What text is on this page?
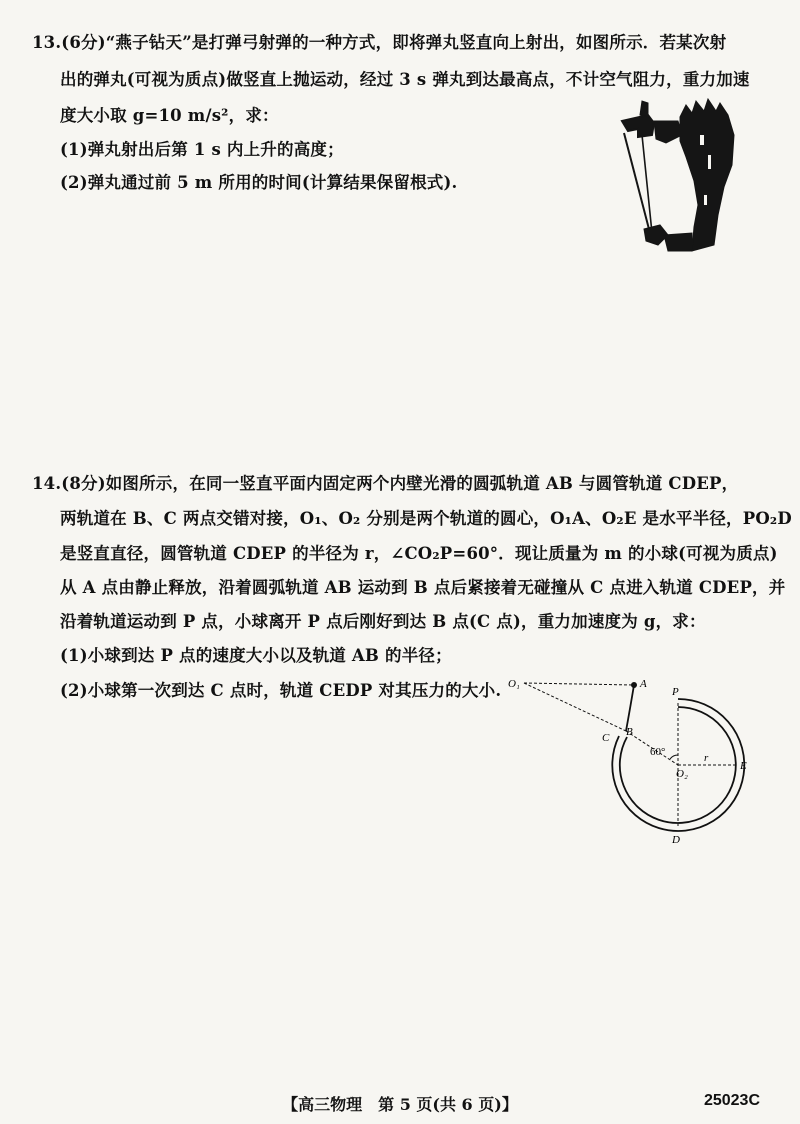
13.(6分)“燕子钻天”是打弹弓射弹的一种方式，即将弹丸竖直向上射出，如图所示．若某次射
出的弹丸(可视为质点)做竖直上抛运动，经过 3 s 弹丸到达最高点，不计空气阻力，重力加速
度大小取 g=10 m/s²，求：
(1)弹丸射出后第 1 s 内上升的高度；
(2)弹丸通过前 5 m 所用的时间(计算结果保留根式).
14.(8分)如图所示，在同一竖直平面内固定两个内壁光滑的圆弧轨道 AB 与圆管轨道 CDEP，
两轨道在 B、C 两点交错对接，O₁、O₂ 分别是两个轨道的圆心，O₁A、O₂E 是水平半径，PO₂D
是竖直直径，圆管轨道 CDEP 的半径为 r，∠CO₂P=60°．现让质量为 m 的小球(可视为质点)
从 A 点由静止释放，沿着圆弧轨道 AB 运动到 B 点后紧接着无碰撞从 C 点进入轨道 CDEP，并
沿着轨道运动到 P 点，小球离开 P 点后刚好到达 B 点(C 点)，重力加速度为 g，求：
(1)小球到达 P 点的速度大小以及轨道 AB 的半径；
(2)小球第一次到达 C 点时，轨道 CEDP 对其压力的大小. O₁	A
P
B
C
60°	r
O₂
E
D
【高三物理　第 5 页(共 6 页)】	25023C
